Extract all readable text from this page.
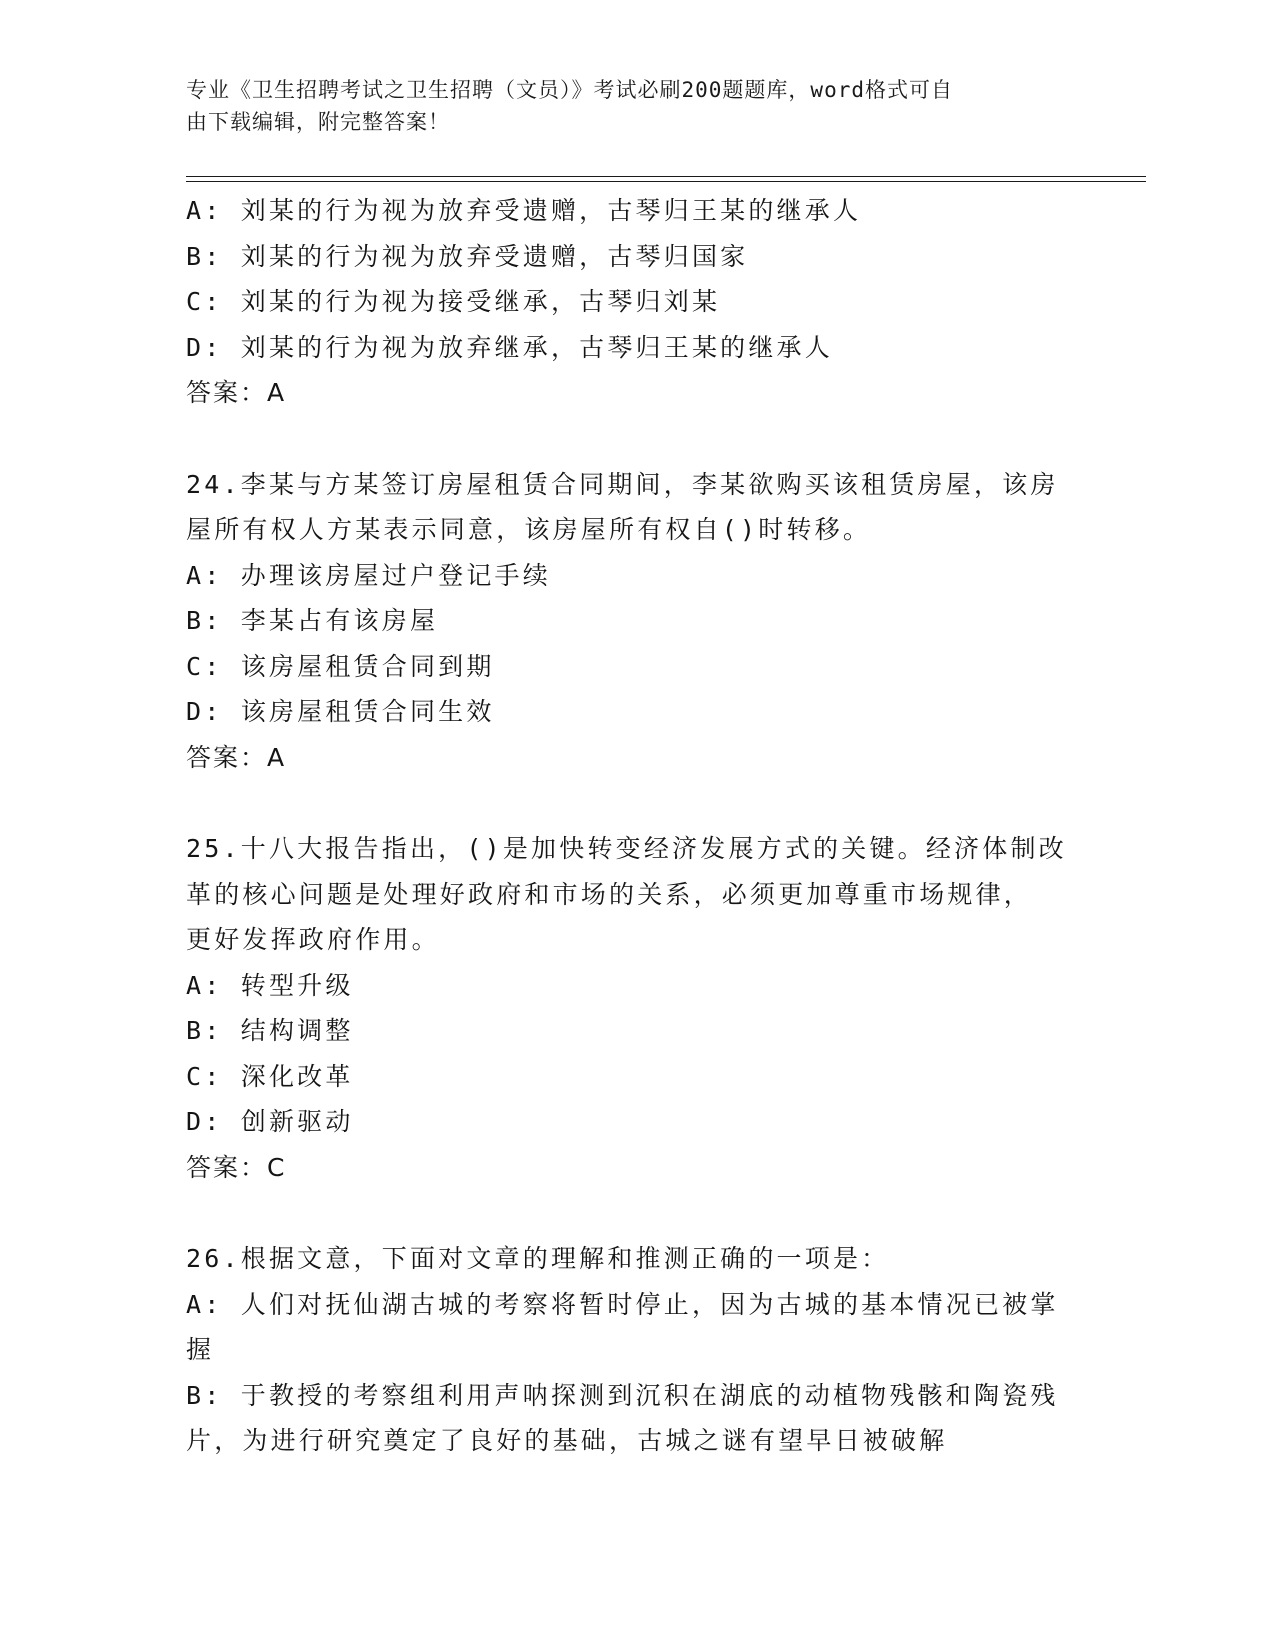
专业《卫生招聘考试之卫生招聘（文员）》考试必刷200题题库，word格式可自
由下载编辑，附完整答案！
A: 刘某的行为视为放弃受遗赠，古琴归王某的继承人
B: 刘某的行为视为放弃受遗赠，古琴归国家
C: 刘某的行为视为接受继承，古琴归刘某
D: 刘某的行为视为放弃继承，古琴归王某的继承人
答案：A
24.李某与方某签订房屋租赁合同期间，李某欲购买该租赁房屋，该房
屋所有权人方某表示同意，该房屋所有权自()时转移。
A: 办理该房屋过户登记手续
B: 李某占有该房屋
C: 该房屋租赁合同到期
D: 该房屋租赁合同生效
答案：A
25.十八大报告指出，()是加快转变经济发展方式的关键。经济体制改
革的核心问题是处理好政府和市场的关系，必须更加尊重市场规律，
更好发挥政府作用。
A: 转型升级
B: 结构调整
C: 深化改革
D: 创新驱动
答案：C
26.根据文意，下面对文章的理解和推测正确的一项是：
A: 人们对抚仙湖古城的考察将暂时停止，因为古城的基本情况已被掌
握
B: 于教授的考察组利用声呐探测到沉积在湖底的动植物残骸和陶瓷残
片，为进行研究奠定了良好的基础，古城之谜有望早日被破解
